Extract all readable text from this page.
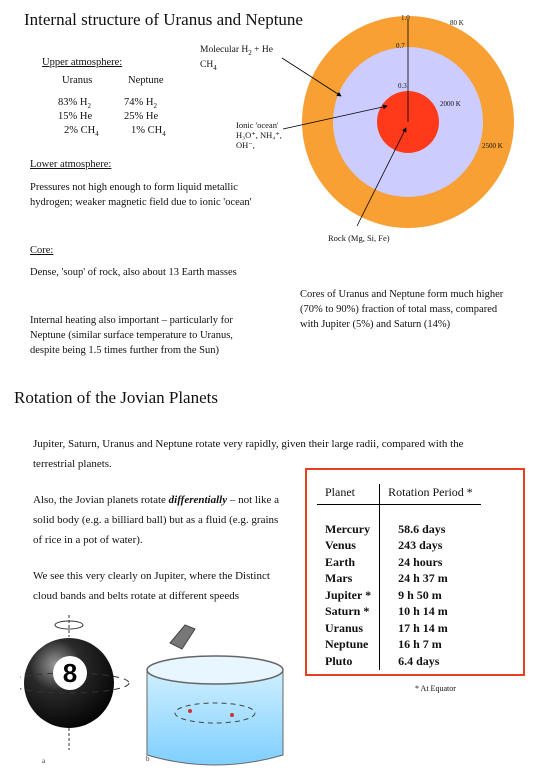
Internal structure of Uranus and Neptune
Upper atmosphere:
Uranus	Neptune
83% $H_2$	74% $H_2$
15% He	25% He
2% $CH_4$	1% $CH_4$
Lower atmosphere:
Pressures not high enough to form liquid metallic hydrogen; weaker magnetic field due to ionic 'ocean'
Core:
Dense, 'soup' of rock, also about 13 Earth masses
Internal heating also important – particularly for Neptune (similar surface temperature to Uranus, despite being 1.5 times further from the Sun)
Cores of Uranus and Neptune form much higher (70% to 90%) fraction of total mass, compared with Jupiter (5%) and Saturn (14%)
1.0
0.7
0.3
80 K
2000 K
2500 K
Molecular $H_2 + He$
$CH_4$
Ionic 'ocean'
H₃O⁺, NH₄⁺,
OH⁻,
Rock (Mg, Si, Fe)
Rotation of the Jovian Planets
Jupiter, Saturn, Uranus and Neptune rotate very rapidly, given their large radii, compared with the terrestrial planets.
Also, the Jovian planets rotate differentially – not like a solid body (e.g. a billiard ball) but as a fluid (e.g. grains of rice in a pot of water).
We see this very clearly on Jupiter, where the Distinct cloud bands and belts rotate at different speeds
Planet	Rotation Period *

Mercury	58.6 days
Venus	243 days
Earth	24 hours
Mars	24 h 37 m
Jupiter *	9 h 50 m
Saturn *	10 h 14 m
Uranus	17 h 14 m
Neptune	16 h 7 m
Pluto	6.4 days
* At Equator
8
a	b
